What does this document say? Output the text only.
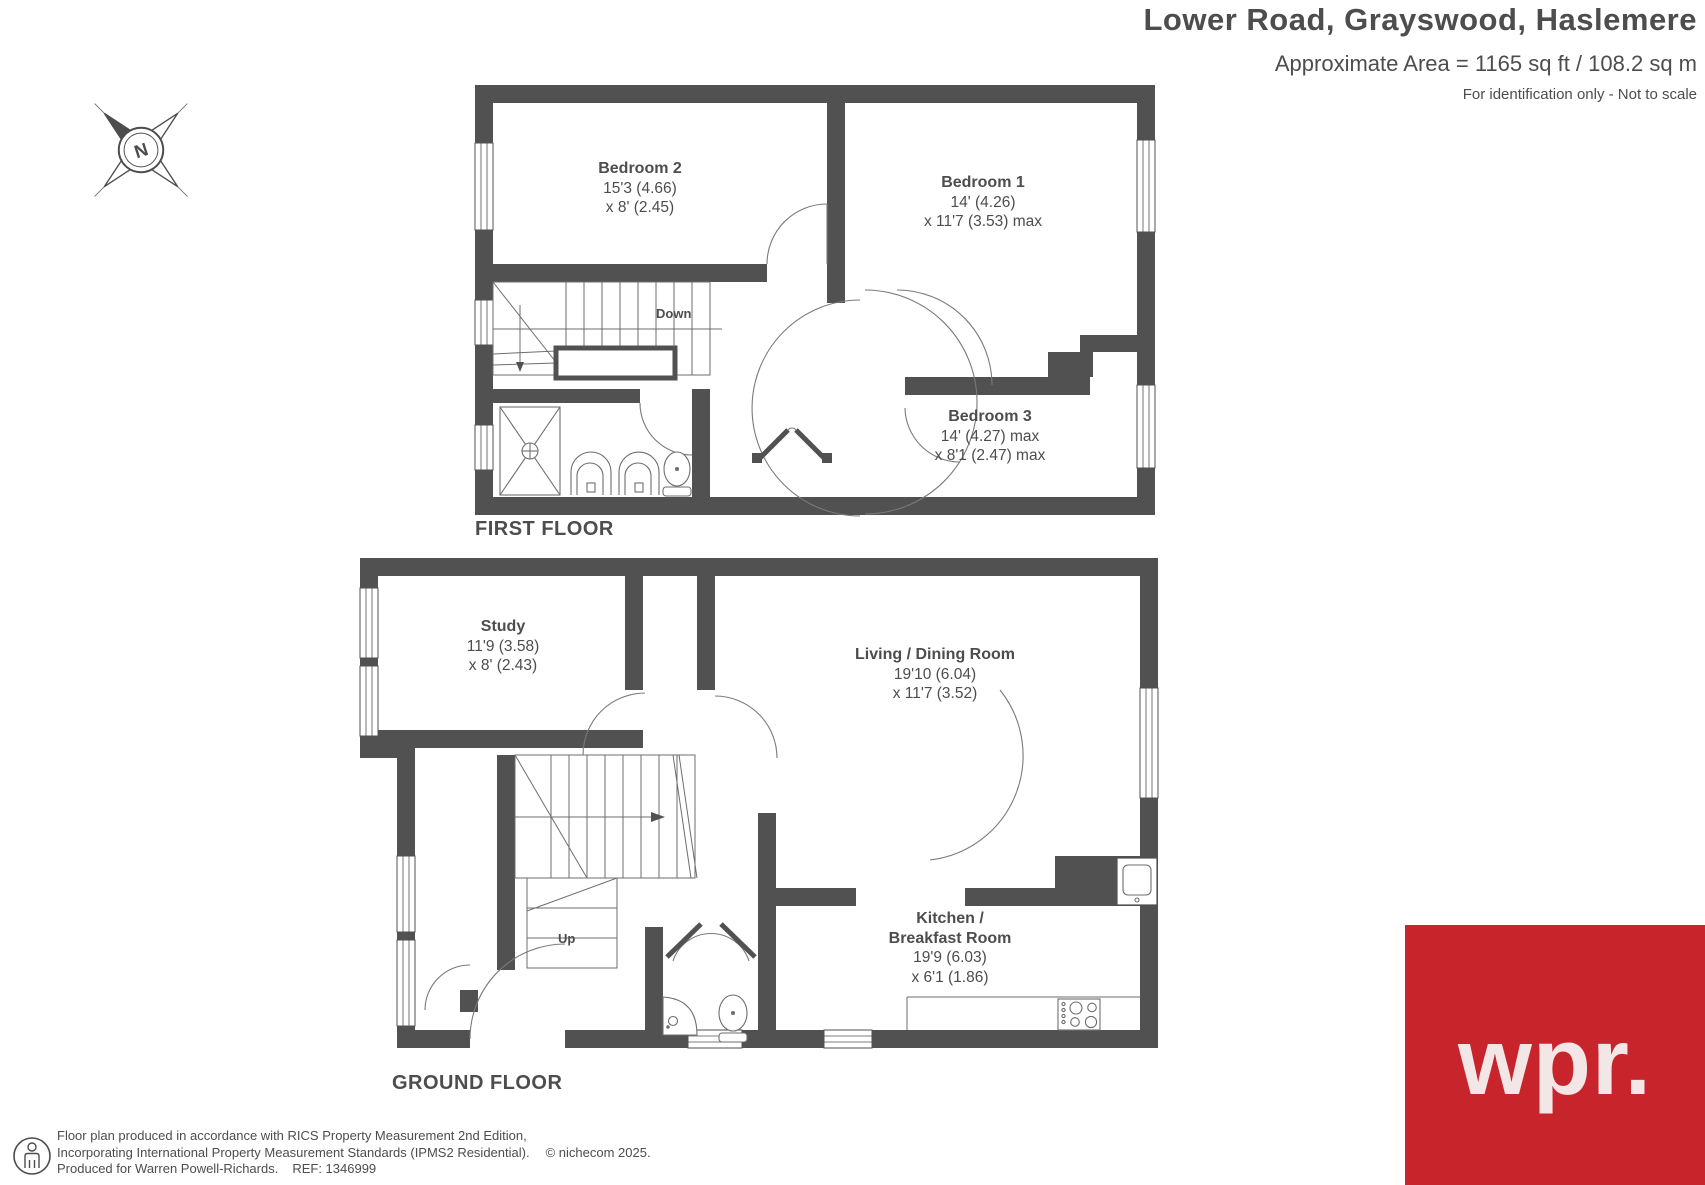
Lower Road, Grayswood, Haslemere
Approximate Area = 1165 sq ft / 108.2 sq m
For identification only - Not to scale
N
Bedroom 2
15'3 (4.66)
x 8' (2.45)
Bedroom 1
14' (4.26)
x 11'7 (3.53) max
Bedroom 3
14' (4.27) max
x 8'1 (2.47) max
Down
FIRST FLOOR
Study
11'9 (3.58)
x 8' (2.43)
Living / Dining Room
19'10 (6.04)
x 11'7 (3.52)
Kitchen /
Breakfast Room
19'9 (6.03)
x 6'1 (1.86)
Up
GROUND FLOOR
Floor plan produced in accordance with RICS Property Measurement 2nd Edition,
Incorporating International Property Measurement Standards (IPMS2 Residential). © nichecom 2025.
Produced for Warren Powell-Richards. REF: 1346999
wpr.
